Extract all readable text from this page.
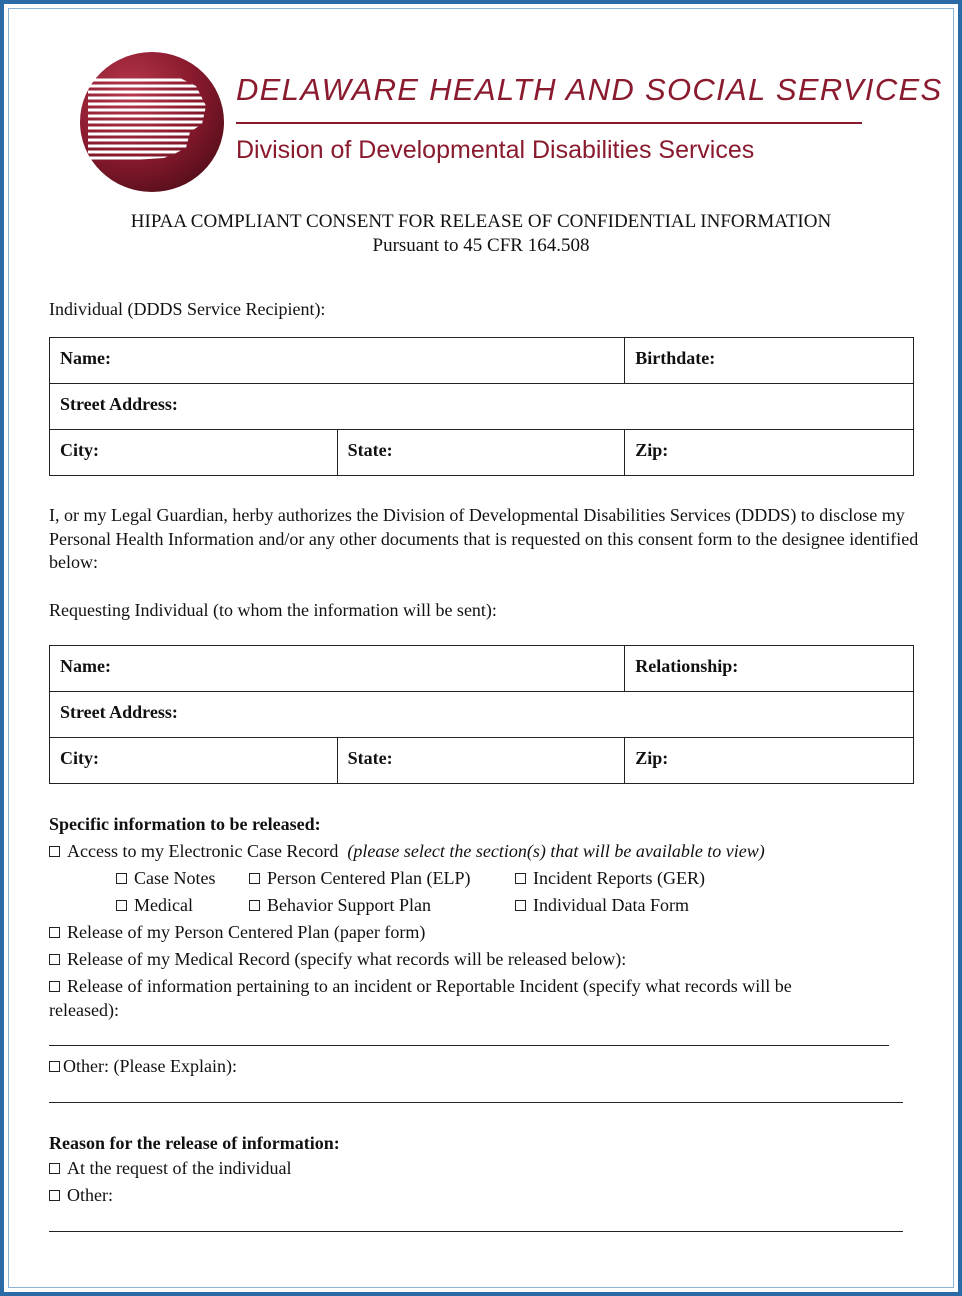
DELAWARE HEALTH AND SOCIAL SERVICES
Division of Developmental Disabilities Services
HIPAA COMPLIANT CONSENT FOR RELEASE OF CONFIDENTIAL INFORMATION
Pursuant to 45 CFR 164.508
Individual (DDDS Service Recipient):
Name:		Birthdate:
Street Address:		
City:	State:	Zip:
I, or my Legal Guardian, herby authorizes the Division of Developmental Disabilities Services (DDDS) to disclose my Personal Health Information and/or any other documents that is requested on this consent form to the designee identified below:
Requesting Individual (to whom the information will be sent):
Name:		Relationship:
Street Address:		
City:	State:	Zip:
Specific information to be released:
Access to my Electronic Case Record (please select the section(s) that will be available to view)
Case Notes	Person Centered Plan (ELP)	Incident Reports (GER)
Medical	Behavior Support Plan	Individual Data Form
Release of my Person Centered Plan (paper form)
Release of my Medical Record (specify what records will be released below):
Release of information pertaining to an incident or Reportable Incident (specify what records will be
released):
Other: (Please Explain):
Reason for the release of information:
At the request of the individual
Other:
